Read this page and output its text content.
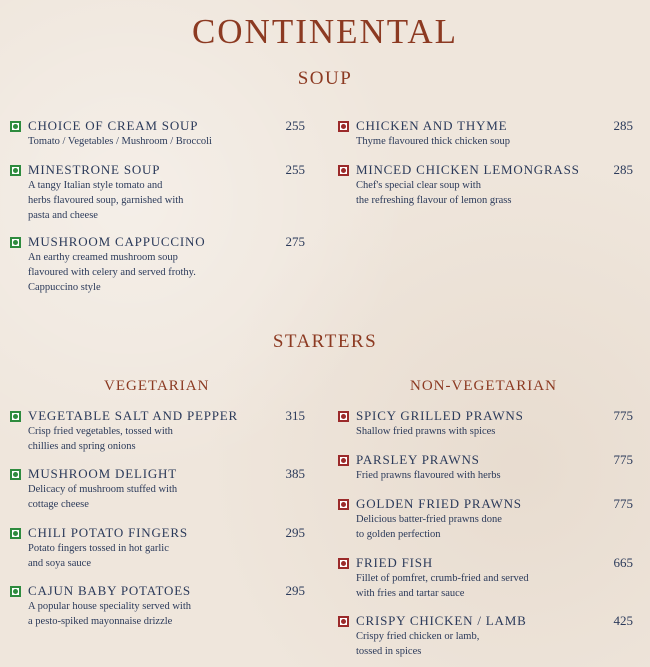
CONTINENTAL
SOUP
CHOICE OF CREAM SOUP	255
Tomato / Vegetables / Mushroom / Broccoli
MINESTRONE SOUP	255
A tangy Italian style tomato and
herbs flavoured soup, garnished with
pasta and cheese
MUSHROOM CAPPUCCINO	275
An earthy creamed mushroom soup
flavoured with celery and served frothy.
Cappuccino style
CHICKEN AND THYME	285
Thyme flavoured thick chicken soup
MINCED CHICKEN LEMONGRASS	285
Chef's special clear soup with
the refreshing flavour of lemon grass
STARTERS
VEGETARIAN	NON-VEGETARIAN
VEGETABLE SALT AND PEPPER	315
Crisp fried vegetables, tossed with
chillies and spring onions
MUSHROOM DELIGHT	385
Delicacy of mushroom stuffed with
cottage cheese
CHILI POTATO FINGERS	295
Potato fingers tossed in hot garlic
and soya sauce
CAJUN BABY POTATOES	295
A popular house speciality served with
a pesto-spiked mayonnaise drizzle
SPICY GRILLED PRAWNS	775
Shallow fried prawns with spices
PARSLEY PRAWNS	775
Fried prawns flavoured with herbs
GOLDEN FRIED PRAWNS	775
Delicious batter-fried prawns done
to golden perfection
FRIED FISH	665
Fillet of pomfret, crumb-fried and served
with fries and tartar sauce
CRISPY CHICKEN / LAMB	425
Crispy fried chicken or lamb,
tossed in spices
